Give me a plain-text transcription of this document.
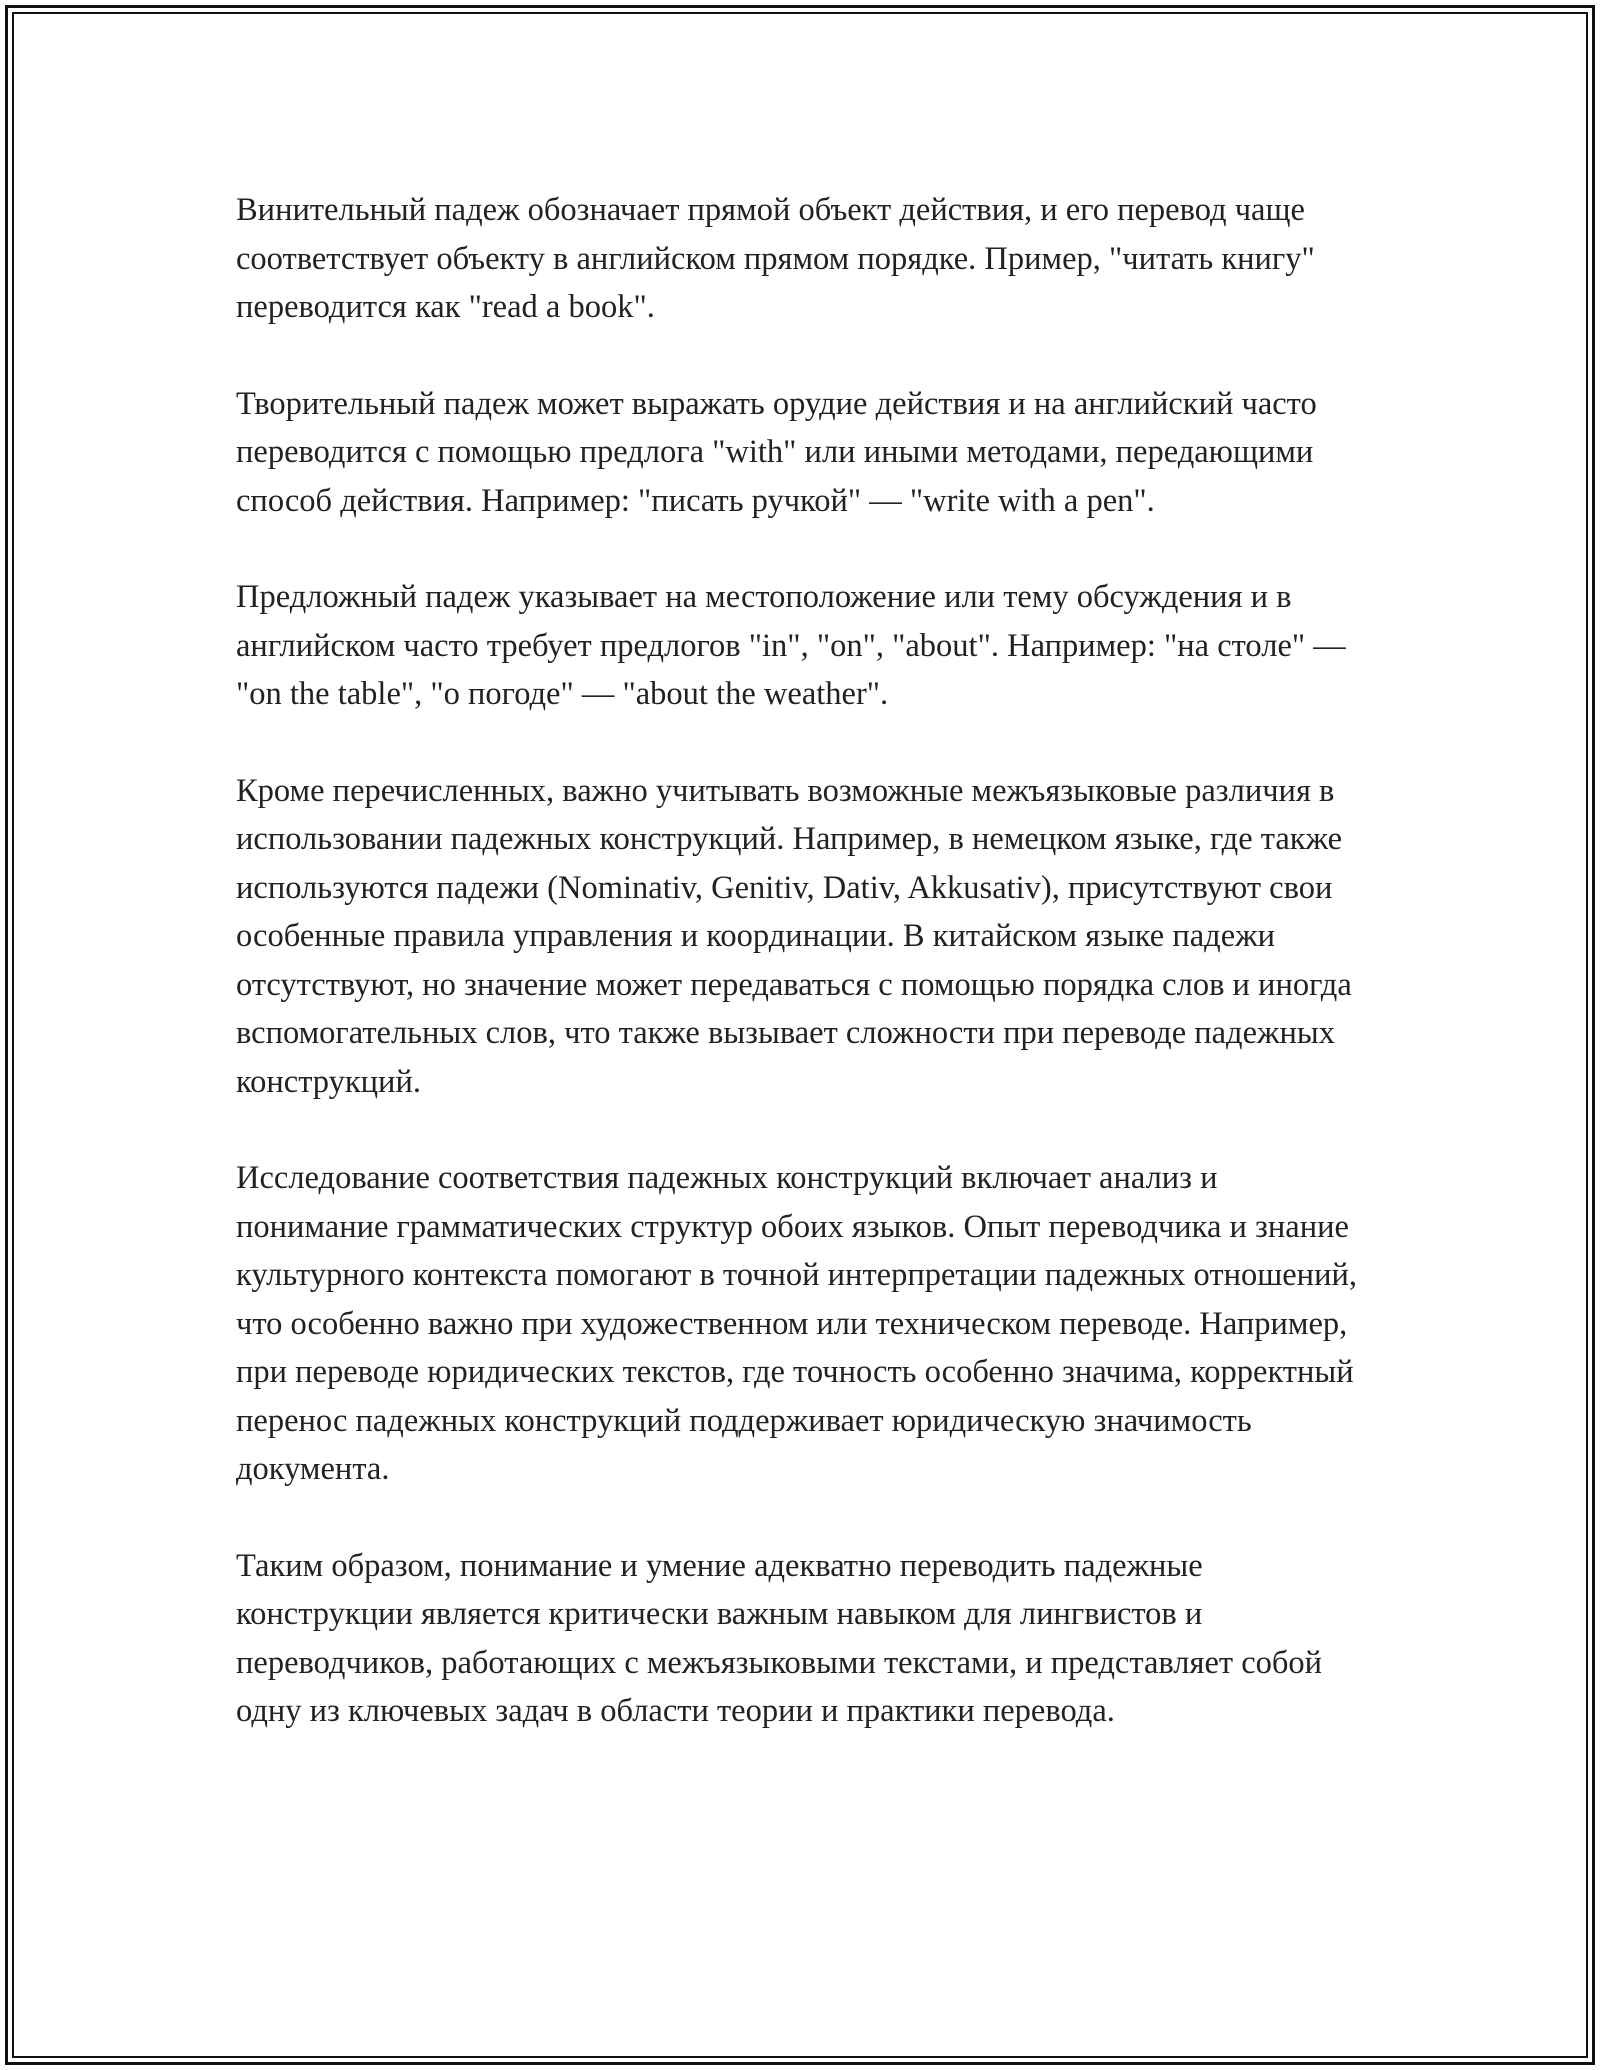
Винительный падеж обозначает прямой объект действия, и его перевод чаще соответствует объекту в английском прямом порядке. Пример, "читать книгу" переводится как "read a book".

Творительный падеж может выражать орудие действия и на английский часто переводится с помощью предлога "with" или иными методами, передающими способ действия. Например: "писать ручкой" — "write with a pen".

Предложный падеж указывает на местоположение или тему обсуждения и в английском часто требует предлогов "in", "on", "about". Например: "на столе" — "on the table", "о погоде" — "about the weather".

Кроме перечисленных, важно учитывать возможные межъязыковые различия в использовании падежных конструкций. Например, в немецком языке, где также используются падежи (Nominativ, Genitiv, Dativ, Akkusativ), присутствуют свои особенные правила управления и координации. В китайском языке падежи отсутствуют, но значение может передаваться с помощью порядка слов и иногда вспомогательных слов, что также вызывает сложности при переводе падежных конструкций.

Исследование соответствия падежных конструкций включает анализ и понимание грамматических структур обоих языков. Опыт переводчика и знание культурного контекста помогают в точной интерпретации падежных отношений, что особенно важно при художественном или техническом переводе. Например, при переводе юридических текстов, где точность особенно значима, корректный перенос падежных конструкций поддерживает юридическую значимость документа.

Таким образом, понимание и умение адекватно переводить падежные конструкции является критически важным навыком для лингвистов и переводчиков, работающих с межъязыковыми текстами, и представляет собой одну из ключевых задач в области теории и практики перевода.
